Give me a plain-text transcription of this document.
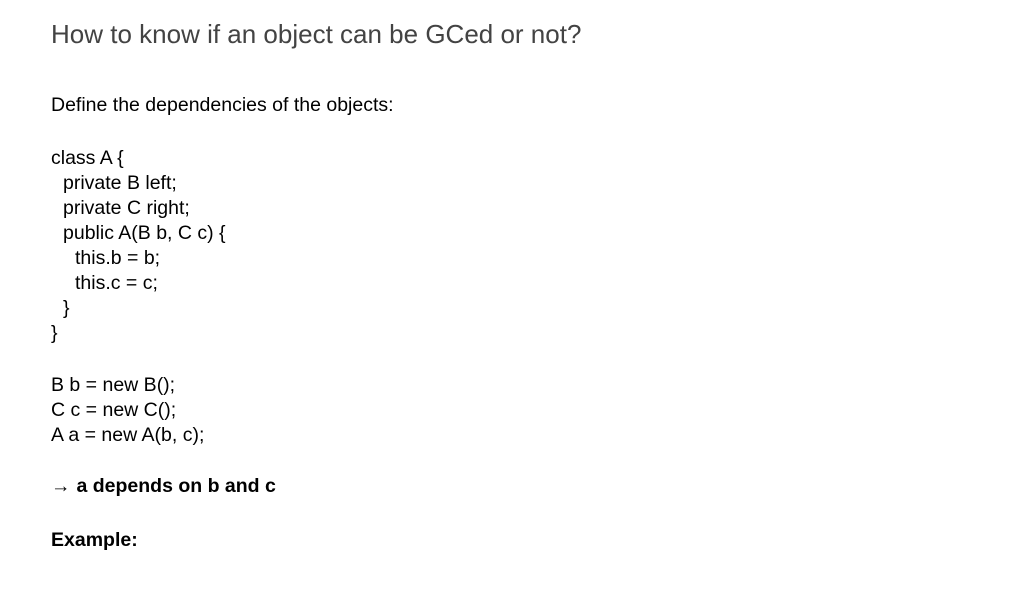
How to know if an object can be GCed or not?

Define the dependencies of the objects:

class A {
private B left;
private C right;
public A(B b, C c) {
this.b = b;
this.c = c;
}
}
B b = new B();
C c = new C();
A a = new A(b, c);

→ a depends on b and c

Example:
